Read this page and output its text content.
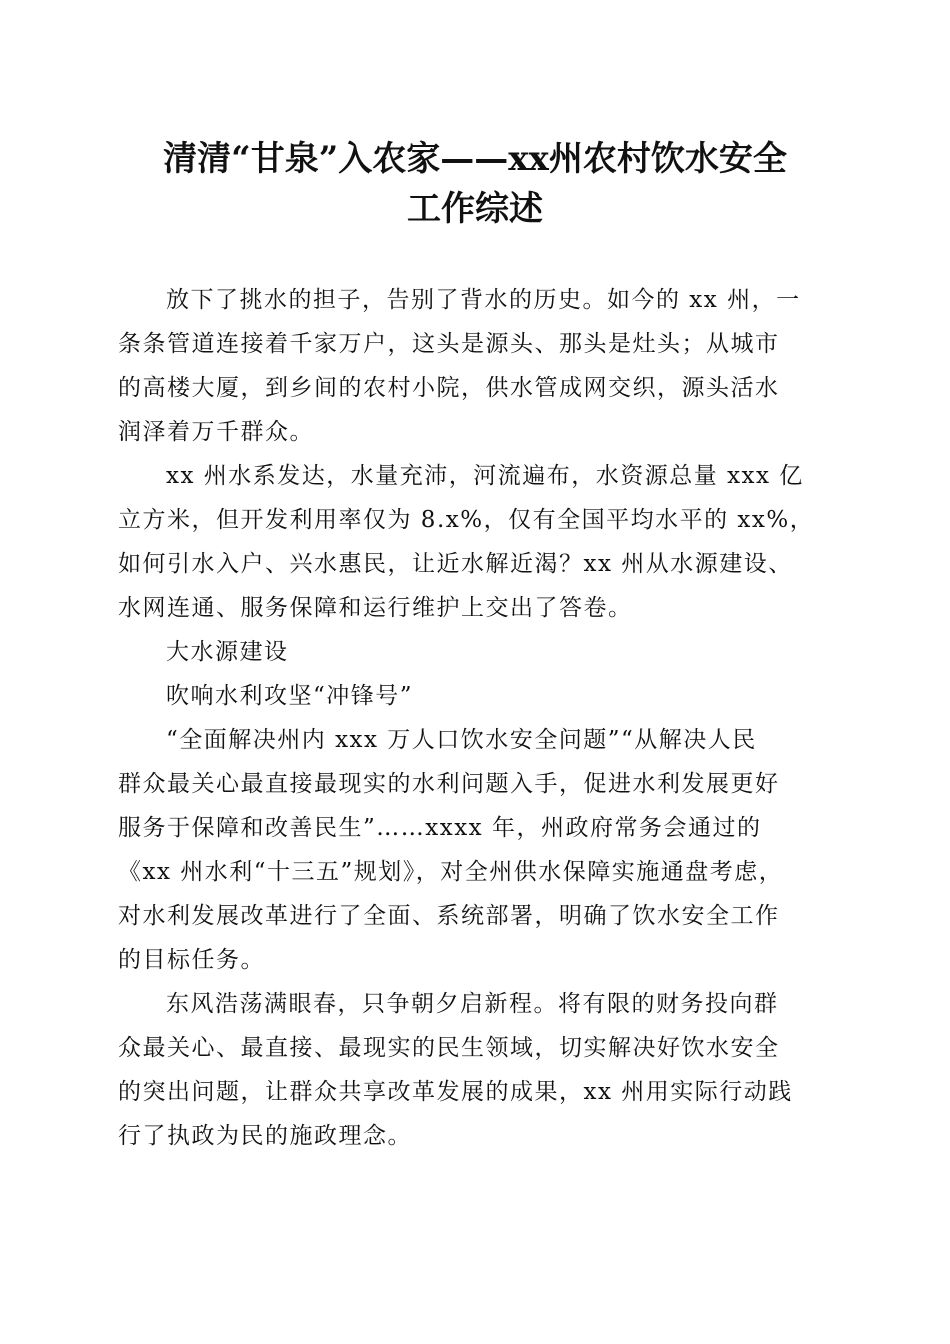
清清“甘泉”入农家——xx州农村饮水安全
工作综述

放下了挑水的担子，告别了背水的历史。如今的 xx 州，一
条条管道连接着千家万户，这头是源头、那头是灶头；从城市
的高楼大厦，到乡间的农村小院，供水管成网交织，源头活水
润泽着万千群众。

xx 州水系发达，水量充沛，河流遍布，水资源总量 xxx 亿
立方米，但开发利用率仅为 8.x%，仅有全国平均水平的 xx%，
如何引水入户、兴水惠民，让近水解近渴？xx 州从水源建设、
水网连通、服务保障和运行维护上交出了答卷。

大水源建设

吹响水利攻坚“冲锋号”

“全面解决州内 xxx 万人口饮水安全问题”“从解决人民
群众最关心最直接最现实的水利问题入手，促进水利发展更好
服务于保障和改善民生”……xxxx 年，州政府常务会通过的
《xx 州水利“十三五”规划》，对全州供水保障实施通盘考虑，
对水利发展改革进行了全面、系统部署，明确了饮水安全工作
的目标任务。

东风浩荡满眼春，只争朝夕启新程。将有限的财务投向群
众最关心、最直接、最现实的民生领域，切实解决好饮水安全
的突出问题，让群众共享改革发展的成果，xx 州用实际行动践
行了执政为民的施政理念。
